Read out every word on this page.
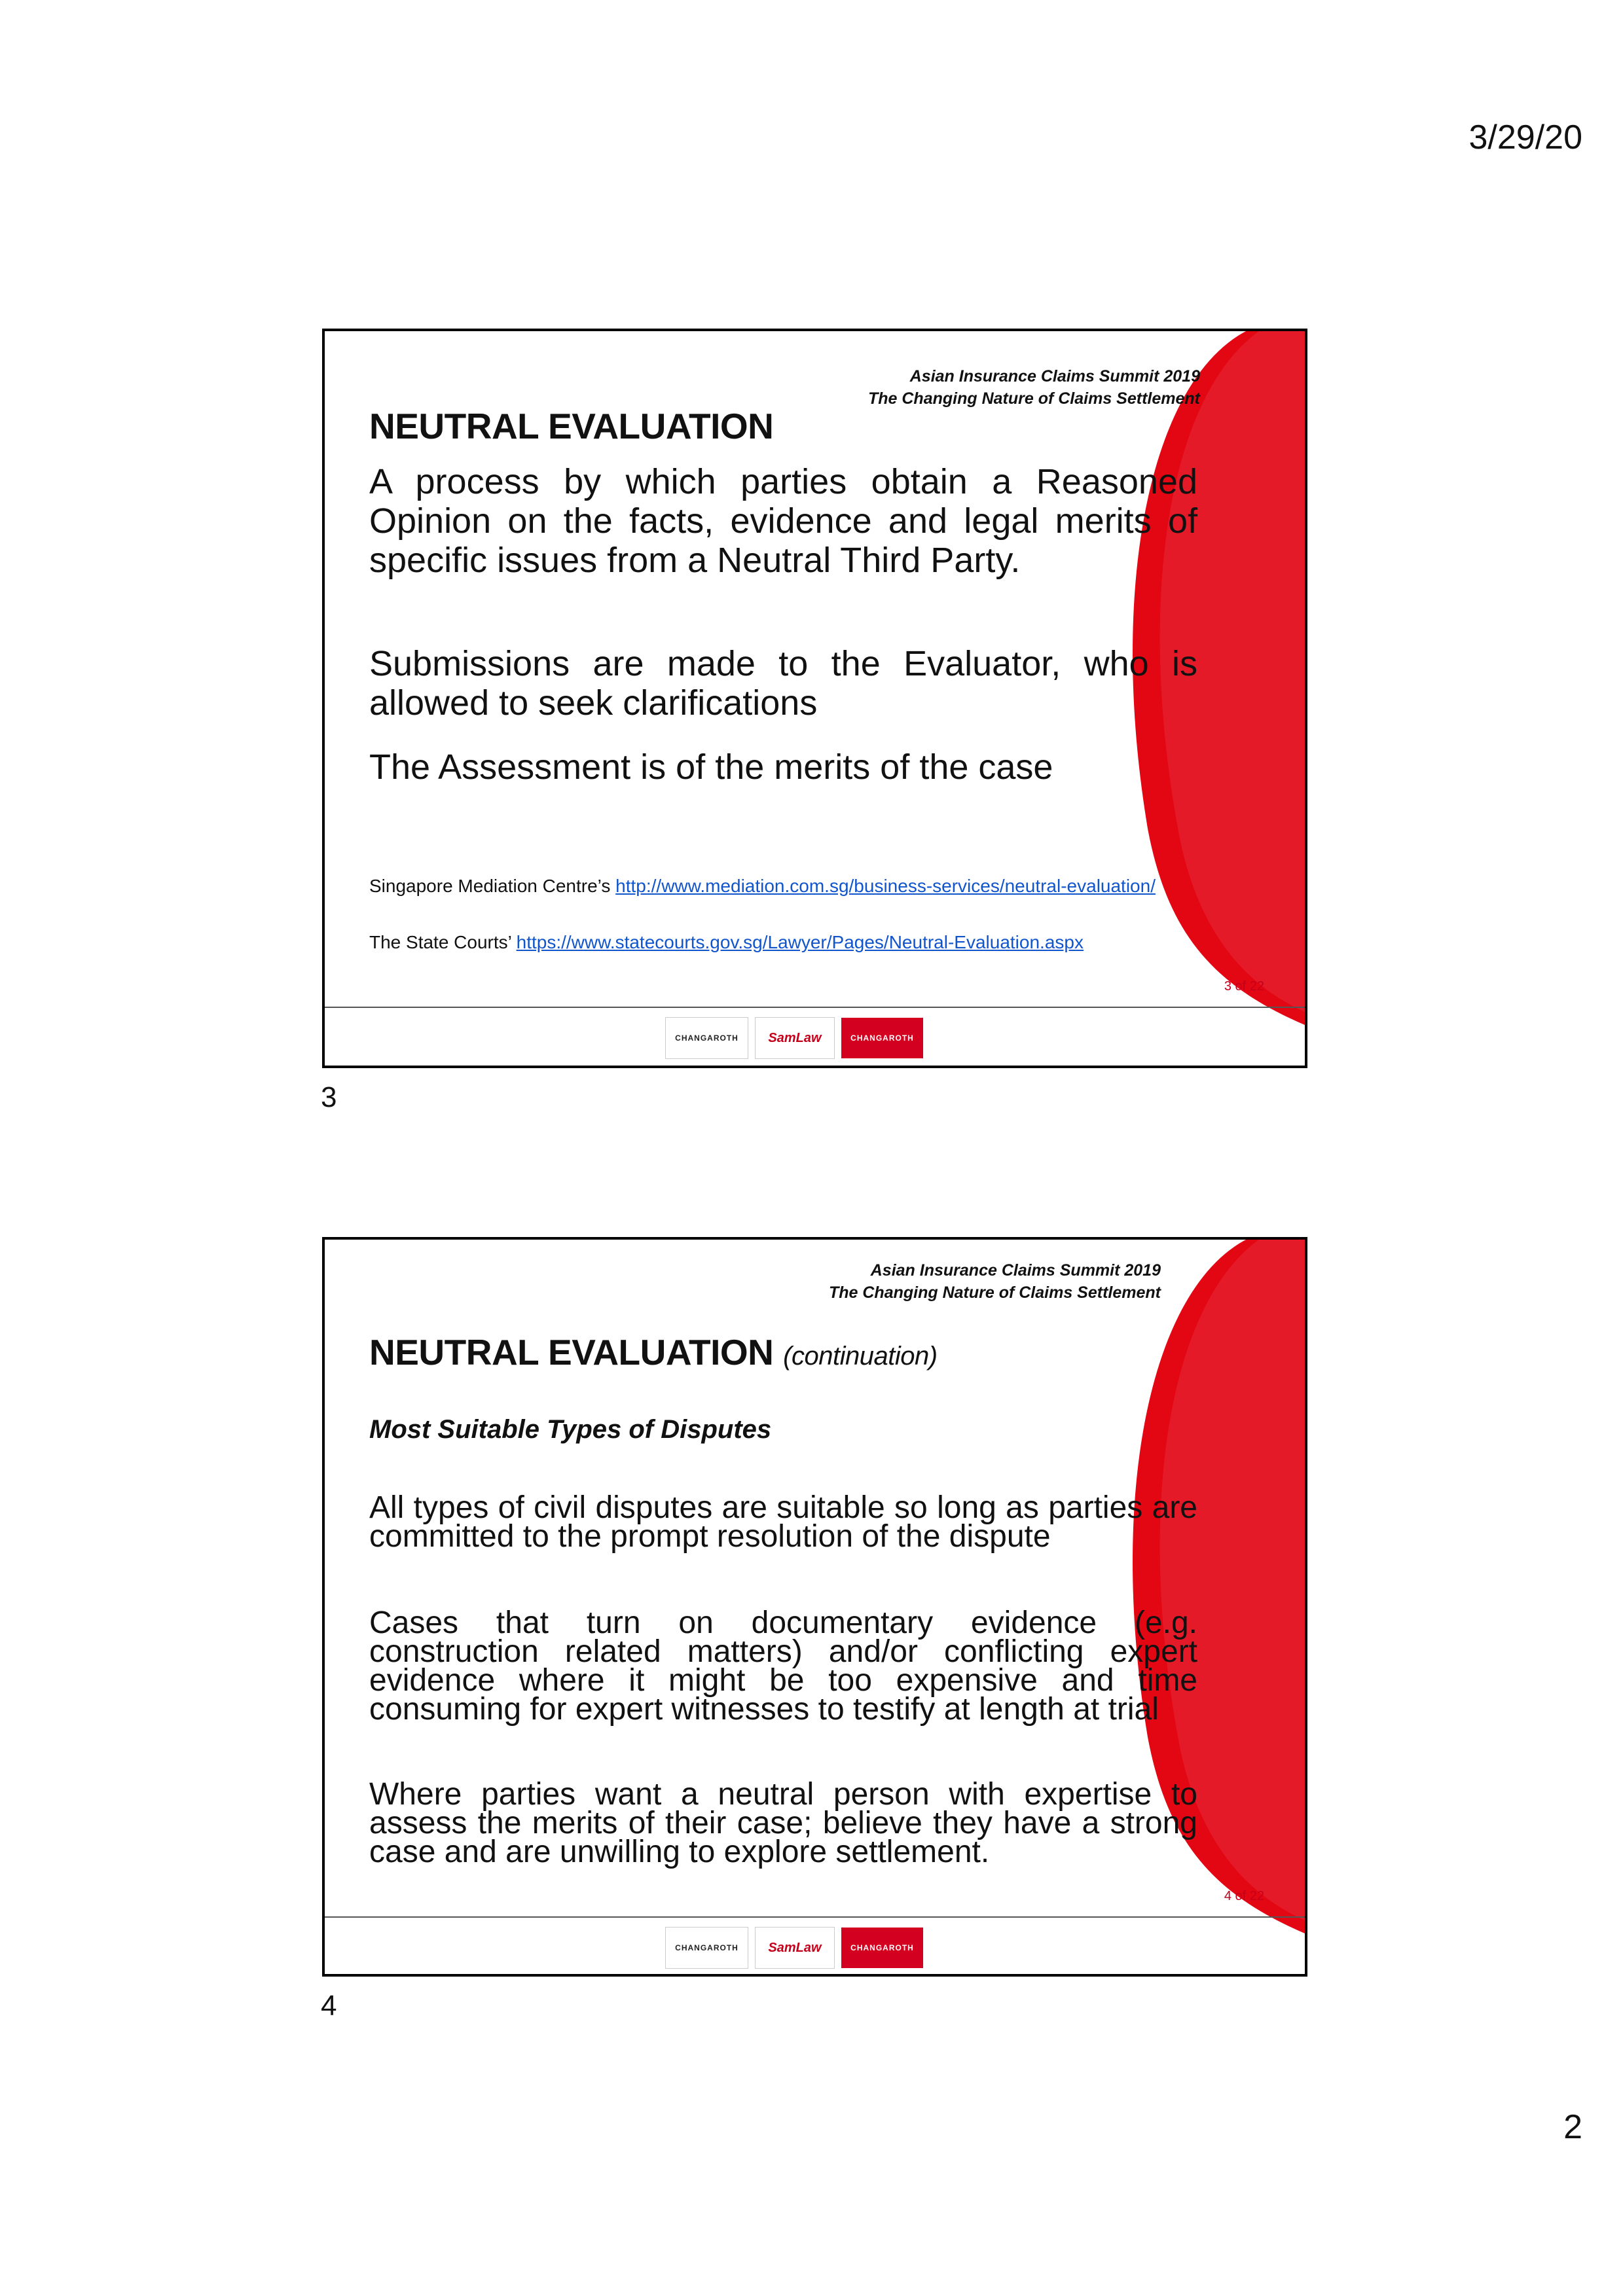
3/29/20
Asian Insurance Claims Summit 2019
The Changing Nature of Claims Settlement
NEUTRAL EVALUATION
A process by which parties obtain a Reasoned Opinion on the facts, evidence and legal merits of specific issues from a Neutral Third Party.
Submissions are made to the Evaluator, who is allowed to seek clarifications
The Assessment is of the merits of the case
Singapore Mediation Centre’s http://www.mediation.com.sg/business-services/neutral-evaluation/
The State Courts’ https://www.statecourts.gov.sg/Lawyer/Pages/Neutral-Evaluation.aspx
3 of 22
CHANGAROTH SamLaw	CHANGAROTH
3
Asian Insurance Claims Summit 2019
The Changing Nature of Claims Settlement
NEUTRAL EVALUATION (continuation)
Most Suitable Types of Disputes
All types of civil disputes are suitable so long as parties are committed to the prompt resolution of the dispute
Cases that turn on documentary evidence (e.g. construction related matters) and/or conflicting expert evidence where it might be too expensive and time consuming for expert witnesses to testify at length at trial
Where parties want a neutral person with expertise to assess the merits of their case; believe they have a strong case and are unwilling to explore settlement.
4 of 22
CHANGAROTH SamLaw	CHANGAROTH
4
2
